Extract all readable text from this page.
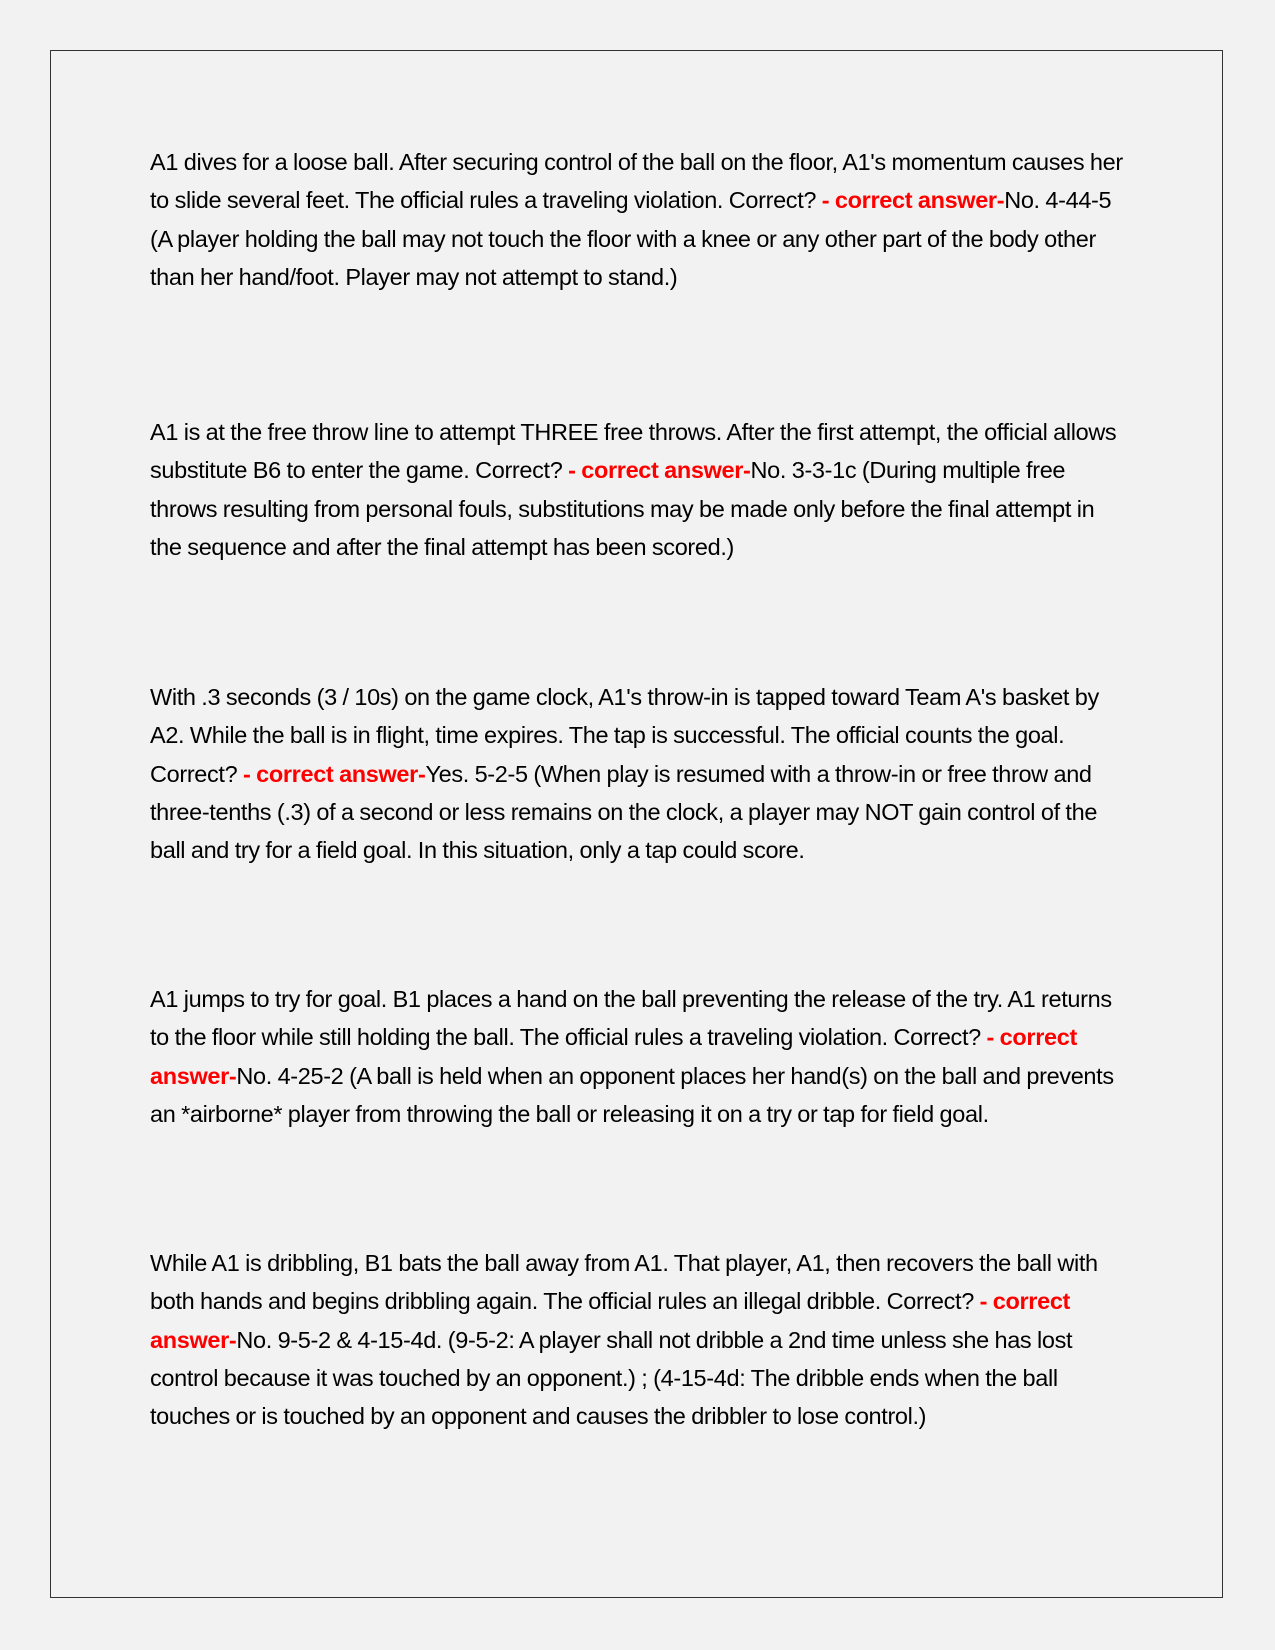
A1 dives for a loose ball. After securing control of the ball on the floor, A1's momentum causes her to slide several feet. The official rules a traveling violation. Correct? - correct answer-No. 4-44-5 (A player holding the ball may not touch the floor with a knee or any other part of the body other than her hand/foot. Player may not attempt to stand.)

A1 is at the free throw line to attempt THREE free throws. After the first attempt, the official allows substitute B6 to enter the game. Correct? - correct answer-No. 3-3-1c (During multiple free throws resulting from personal fouls, substitutions may be made only before the final attempt in the sequence and after the final attempt has been scored.)

With .3 seconds (3 / 10s) on the game clock, A1's throw-in is tapped toward Team A's basket by A2. While the ball is in flight, time expires. The tap is successful. The official counts the goal. Correct? - correct answer-Yes. 5-2-5 (When play is resumed with a throw-in or free throw and three-tenths (.3) of a second or less remains on the clock, a player may NOT gain control of the ball and try for a field goal. In this situation, only a tap could score.

A1 jumps to try for goal. B1 places a hand on the ball preventing the release of the try. A1 returns to the floor while still holding the ball. The official rules a traveling violation. Correct? - correct answer-No. 4-25-2 (A ball is held when an opponent places her hand(s) on the ball and prevents an *airborne* player from throwing the ball or releasing it on a try or tap for field goal.

While A1 is dribbling, B1 bats the ball away from A1. That player, A1, then recovers the ball with both hands and begins dribbling again. The official rules an illegal dribble. Correct? - correct answer-No. 9-5-2 & 4-15-4d. (9-5-2: A player shall not dribble a 2nd time unless she has lost control because it was touched by an opponent.) ; (4-15-4d: The dribble ends when the ball touches or is touched by an opponent and causes the dribbler to lose control.)
